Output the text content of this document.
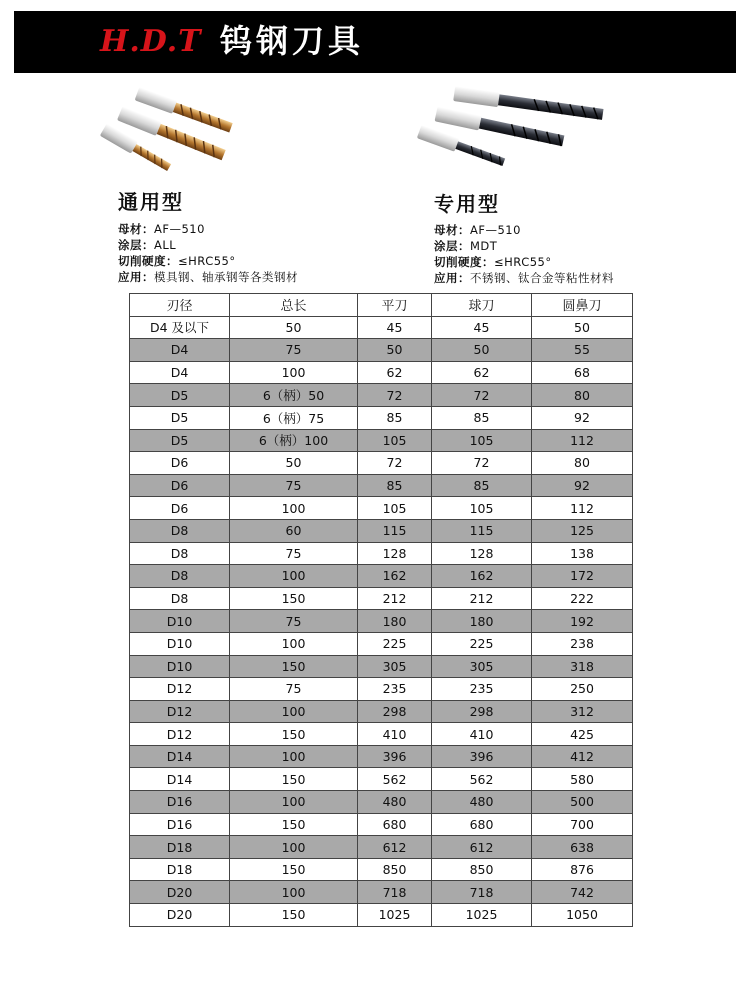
H.D.T 钨钢刀具
通用型
母材 ： AF—510
涂层 ： ALL
切削硬度 ： ≤HRC55°
应用 ： 模具钢、轴承钢等各类钢材
专用型
母材 ： AF—510
涂层 ： MDT
切削硬度 ： ≤HRC55°
应用 ： 不锈钢、钛合金等粘性材料
刃径	总长	平刀	球刀	圆鼻刀
D4 及以下	50	45	45	50
D4	75	50	50	55
D4	100	62	62	68
D5	6（柄）50	72	72	80
D5	6（柄）75	85	85	92
D5	6（柄）100	105	105	112
D6	50	72	72	80
D6	75	85	85	92
D6	100	105	105	112
D8	60	115	115	125
D8	75	128	128	138
D8	100	162	162	172
D8	150	212	212	222
D10	75	180	180	192
D10	100	225	225	238
D10	150	305	305	318
D12	75	235	235	250
D12	100	298	298	312
D12	150	410	410	425
D14	100	396	396	412
D14	150	562	562	580
D16	100	480	480	500
D16	150	680	680	700
D18	100	612	612	638
D18	150	850	850	876
D20	100	718	718	742
D20	150	1025	1025	1050
